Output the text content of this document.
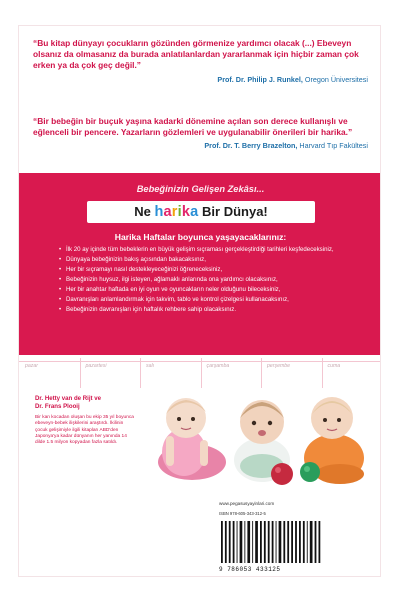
“Bu kitap dünyayı çocukların gözünden görmenize yardımcı olacak (...) Ebeveyn olsanız da olmasanız da burada anlatılanlardan yararlanmak için hiçbir zaman çok erken ya da çok geç değil.”
Prof. Dr. Philip J. Runkel, Oregon Üniversitesi
“Bir bebeğin bir buçuk yaşına kadarki dönemine açılan son derece kullanışlı ve eğlenceli bir pencere. Yazarların gözlemleri ve uygulanabilir önerileri bir harika.”
Prof. Dr. T. Berry Brazelton, Harvard Tıp Fakültesi
Bebeğinizin Gelişen Zekâsı...
Ne harika Bir Dünya!
Harika Haftalar boyunca yaşayacaklarınız:
• İlk 20 ay içinde tüm bebeklerin en büyük gelişim sıçraması gerçekleştirdiği tarihleri keşfedeceksiniz,
• Dünyaya bebeğinizin bakış açısından bakacaksınız,
• Her bir sıçramayı nasıl destekleyeceğinizi öğreneceksiniz,
• Bebeğinizin huysuz, ilgi isteyen, ağlamaklı anlarında ona yardımcı olacaksınız,
• Her bir anahtar haftada en iyi oyun ve oyuncakların neler olduğunu bileceksiniz,
• Davranışları anlamlandırmak için takvim, tablo ve kontrol çizelgesi kullanacaksınız,
• Bebeğinizin davranışları için haftalık rehbere sahip olacaksınız.
pazar	pazartesi	salı	çarşamba	perşembe	cuma
Dr. Hetty van de Rijt ve
Dr. Frans Plooij
Bir kan kocadan oluşan bu ekip 35 yıl boyunca ebeveyn-bebek ilişkilerini araştırdı. İkilinin çocuk gelişimiyle ilgili kitapları ABD'den Japonya'ya kadar dünyanın her yanında 14 dilde 1.5 milyon kopyadan fazla satıldı.
www.pegasusyayinlari.com
ISBN 978-605-343-312-5
9 786053 433125
